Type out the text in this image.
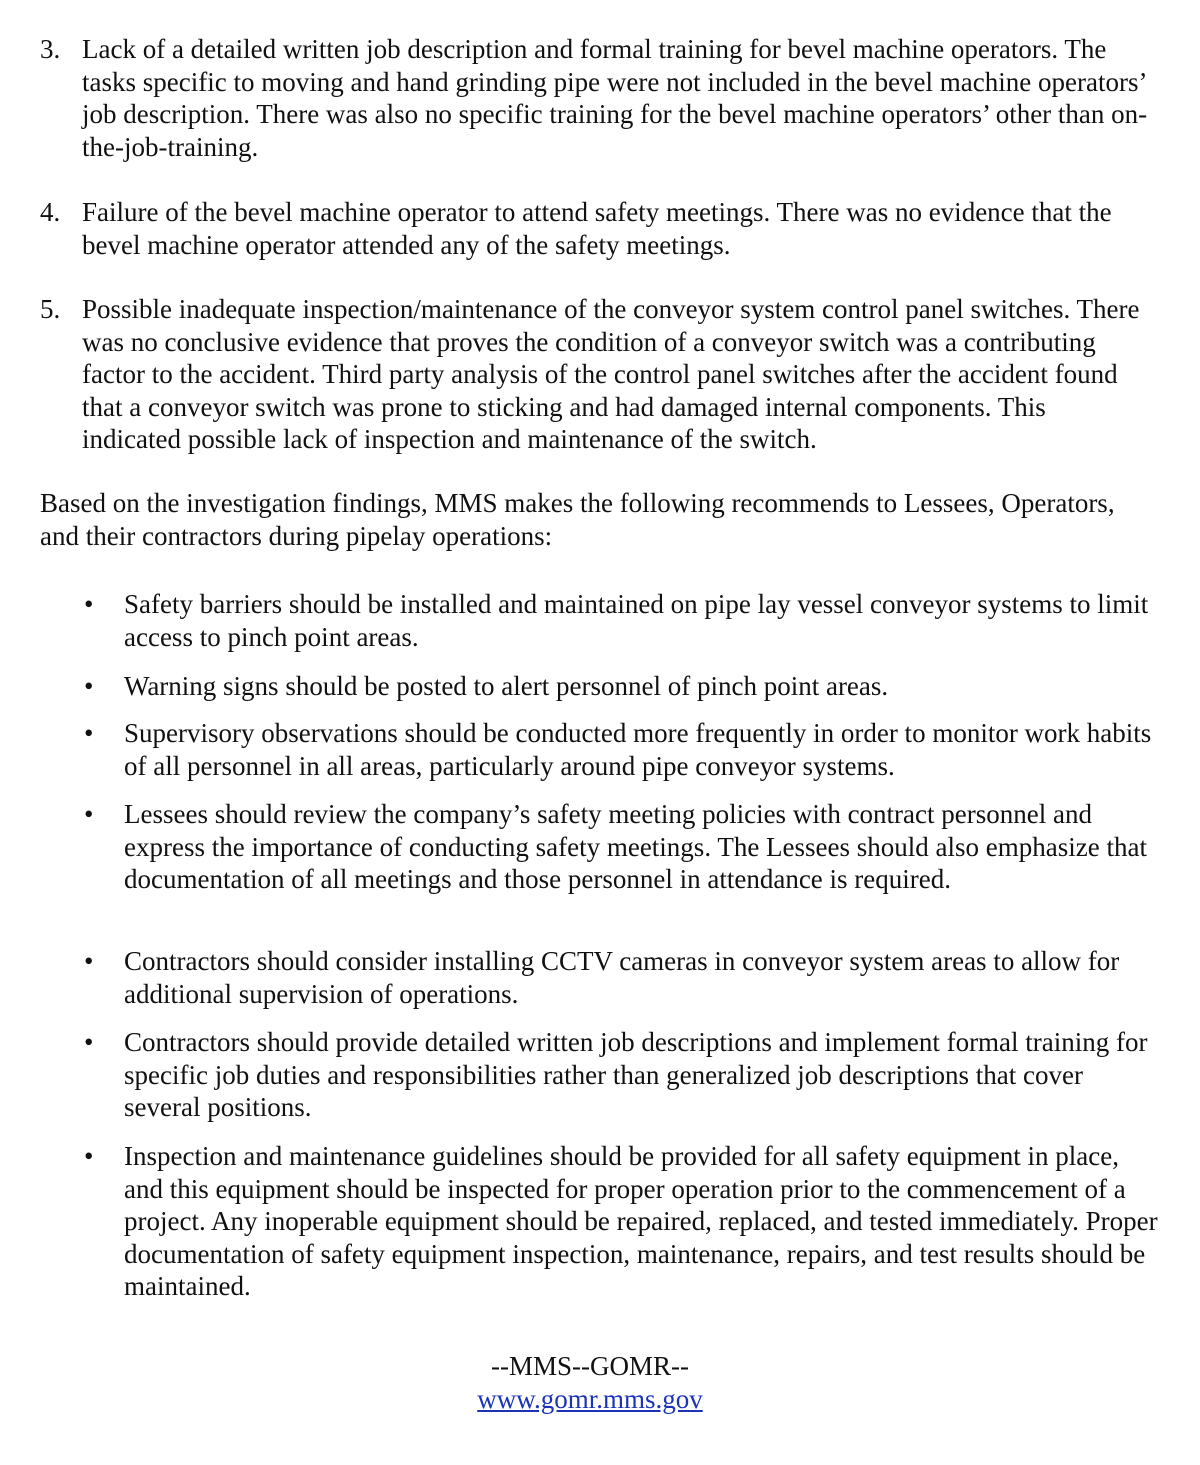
3. Lack of a detailed written job description and formal training for bevel machine operators. The tasks specific to moving and hand grinding pipe were not included in the bevel machine operators’ job description. There was also no specific training for the bevel machine operators’ other than on-the-job-training.
4. Failure of the bevel machine operator to attend safety meetings. There was no evidence that the bevel machine operator attended any of the safety meetings.
5. Possible inadequate inspection/maintenance of the conveyor system control panel switches. There was no conclusive evidence that proves the condition of a conveyor switch was a contributing factor to the accident. Third party analysis of the control panel switches after the accident found that a conveyor switch was prone to sticking and had damaged internal components. This indicated possible lack of inspection and maintenance of the switch.
Based on the investigation findings, MMS makes the following recommends to Lessees, Operators, and their contractors during pipelay operations:
• Safety barriers should be installed and maintained on pipe lay vessel conveyor systems to limit access to pinch point areas.
• Warning signs should be posted to alert personnel of pinch point areas.
• Supervisory observations should be conducted more frequently in order to monitor work habits of all personnel in all areas, particularly around pipe conveyor systems.
• Lessees should review the company’s safety meeting policies with contract personnel and express the importance of conducting safety meetings. The Lessees should also emphasize that documentation of all meetings and those personnel in attendance is required.
• Contractors should consider installing CCTV cameras in conveyor system areas to allow for additional supervision of operations.
• Contractors should provide detailed written job descriptions and implement formal training for specific job duties and responsibilities rather than generalized job descriptions that cover several positions.
• Inspection and maintenance guidelines should be provided for all safety equipment in place, and this equipment should be inspected for proper operation prior to the commencement of a project. Any inoperable equipment should be repaired, replaced, and tested immediately. Proper documentation of safety equipment inspection, maintenance, repairs, and test results should be maintained.
--MMS--GOMR--
www.gomr.mms.gov
